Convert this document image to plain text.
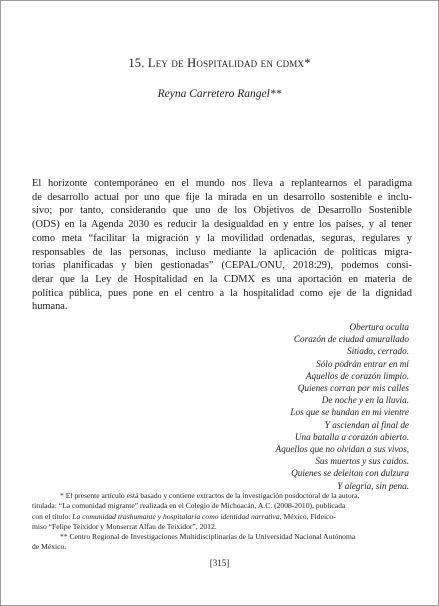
15. Ley de Hospitalidad en cdmx*
Reyna Carretero Rangel**

El horizonte contemporáneo en el mundo nos lleva a replantearnos el paradigma
de desarrollo actual por uno que fije la mirada en un desarrollo sostenible e inclu-
sivo; por tanto, considerando que uno de los Objetivos de Desarrollo Sostenible
(ODS) en la Agenda 2030 es reducir la desigualdad en y entre los países, y al tener
como meta “facilitar la migración y la movilidad ordenadas, seguras, regulares y
responsables de las personas, incluso mediante la aplicación de políticas migra-
torias planificadas y bien gestionadas” (CEPAL/ONU, 2018:29), podemos consi-
derar que la Ley de Hospitalidad en la CDMX es una aportación en materia de
política pública, pues pone en el centro a la hospitalidad como eje de la dignidad
humana.

Obertura oculta
Corazón de ciudad amurallado
Sitiado, cerrado.
Sólo podrán entrar en mí
Aquellos de corazón limpio.
Quienes corran por mis calles
De noche y en la lluvia.
Los que se hundan en mi vientre
Y asciendan al final de
Una batalla a corazón abierto.
Aquellos que no olvidan a sus vivos,
Sus muertos y sus caídos.
Quienes se deleitan con dulzura
Y alegría, sin pena.
* El presente artículo está basado y contiene extractos de la investigación posdoctoral de la autora,
titulada: “La comunidad migrante” realizada en el Colegio de Michoacán, A.C. (2008-2010), publicada
con el título: La comunidad trashumante y hospitalaria como identidad narrativa, México, Fideico-
miso “Felipe Teixidor y Monserrat Alfau de Teixidor”, 2012.
** Centro Regional de Investigaciones Multidisciplinarias de la Universidad Nacional Autónoma
de México.
[315]
